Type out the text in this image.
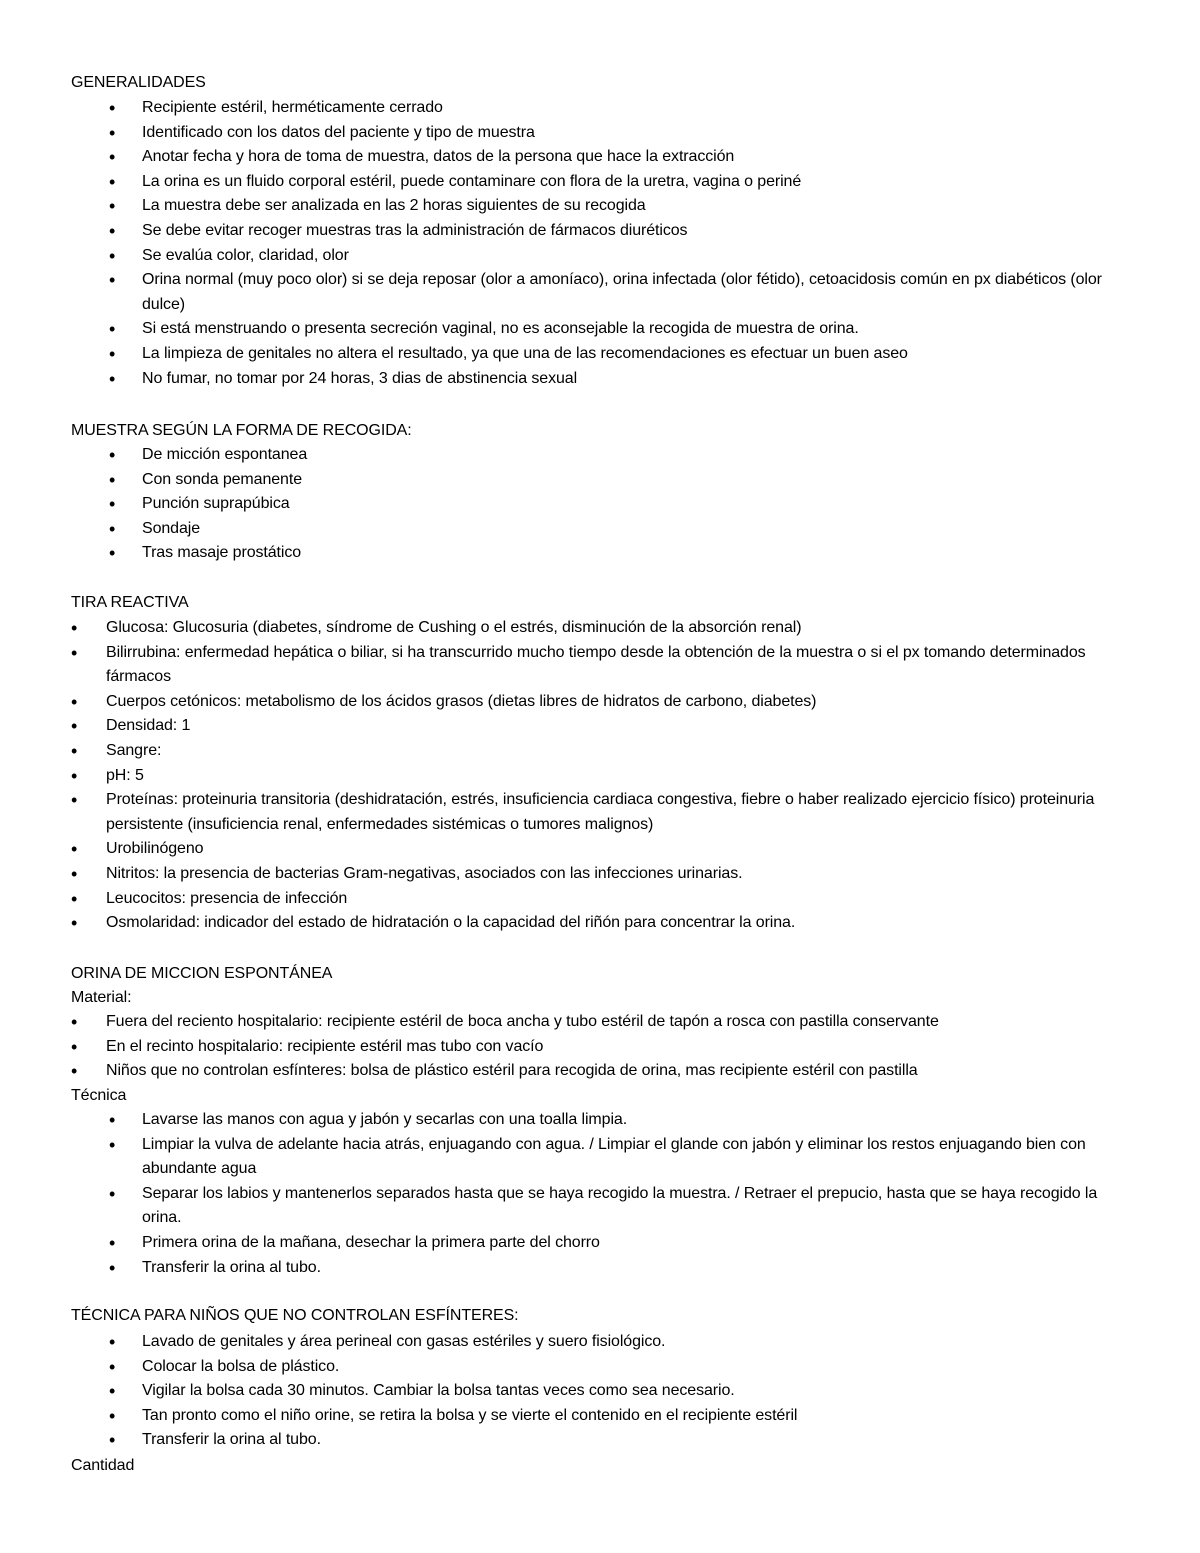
GENERALIDADES
• Recipiente estéril, herméticamente cerrado
• Identificado con los datos del paciente y tipo de muestra
• Anotar fecha y hora de toma de muestra, datos de la persona que hace la extracción
• La orina es un fluido corporal estéril, puede contaminare con flora de la uretra, vagina o periné
• La muestra debe ser analizada en las 2 horas siguientes de su recogida
• Se debe evitar recoger muestras tras la administración de fármacos diuréticos
• Se evalúa color, claridad, olor
• Orina normal (muy poco olor) si se deja reposar (olor a amoníaco), orina infectada (olor fétido), cetoacidosis común en px diabéticos (olor dulce)
• Si está menstruando o presenta secreción vaginal, no es aconsejable la recogida de muestra de orina.
• La limpieza de genitales no altera el resultado, ya que una de las recomendaciones es efectuar un buen aseo
• No fumar, no tomar por 24 horas, 3 dias de abstinencia sexual
MUESTRA SEGÚN LA FORMA DE RECOGIDA:
• De micción espontanea
• Con sonda pemanente
• Punción suprapúbica
• Sondaje
• Tras masaje prostático
TIRA REACTIVA
• Glucosa: Glucosuria (diabetes, síndrome de Cushing o el estrés, disminución de la absorción renal)
• Bilirrubina: enfermedad hepática o biliar, si ha transcurrido mucho tiempo desde la obtención de la muestra o si el px tomando determinados fármacos
• Cuerpos cetónicos: metabolismo de los ácidos grasos (dietas libres de hidratos de carbono, diabetes)
• Densidad: 1
• Sangre:
• pH: 5
• Proteínas: proteinuria transitoria (deshidratación, estrés, insuficiencia cardiaca congestiva, fiebre o haber realizado ejercicio físico) proteinuria persistente (insuficiencia renal, enfermedades sistémicas o tumores malignos)
• Urobilinógeno
• Nitritos: la presencia de bacterias Gram-negativas, asociados con las infecciones urinarias.
• Leucocitos: presencia de infección
• Osmolaridad: indicador del estado de hidratación o la capacidad del riñón para concentrar la orina.
ORINA DE MICCION ESPONTÁNEA
Material:
• Fuera del reciento hospitalario: recipiente estéril de boca ancha y tubo estéril de tapón a rosca con pastilla conservante
• En el recinto hospitalario: recipiente estéril mas tubo con vacío
• Niños que no controlan esfínteres: bolsa de plástico estéril para recogida de orina, mas recipiente estéril con pastilla
Técnica
• Lavarse las manos con agua y jabón y secarlas con una toalla limpia.
• Limpiar la vulva de adelante hacia atrás, enjuagando con agua. / Limpiar el glande con jabón y eliminar los restos enjuagando bien con abundante agua
• Separar los labios y mantenerlos separados hasta que se haya recogido la muestra. / Retraer el prepucio, hasta que se haya recogido la orina.
• Primera orina de la mañana, desechar la primera parte del chorro
• Transferir la orina al tubo.
TÉCNICA PARA NIÑOS QUE NO CONTROLAN ESFÍNTERES:
• Lavado de genitales y área perineal con gasas estériles y suero fisiológico.
• Colocar la bolsa de plástico.
• Vigilar la bolsa cada 30 minutos. Cambiar la bolsa tantas veces como sea necesario.
• Tan pronto como el niño orine, se retira la bolsa y se vierte el contenido en el recipiente estéril
• Transferir la orina al tubo.
Cantidad
